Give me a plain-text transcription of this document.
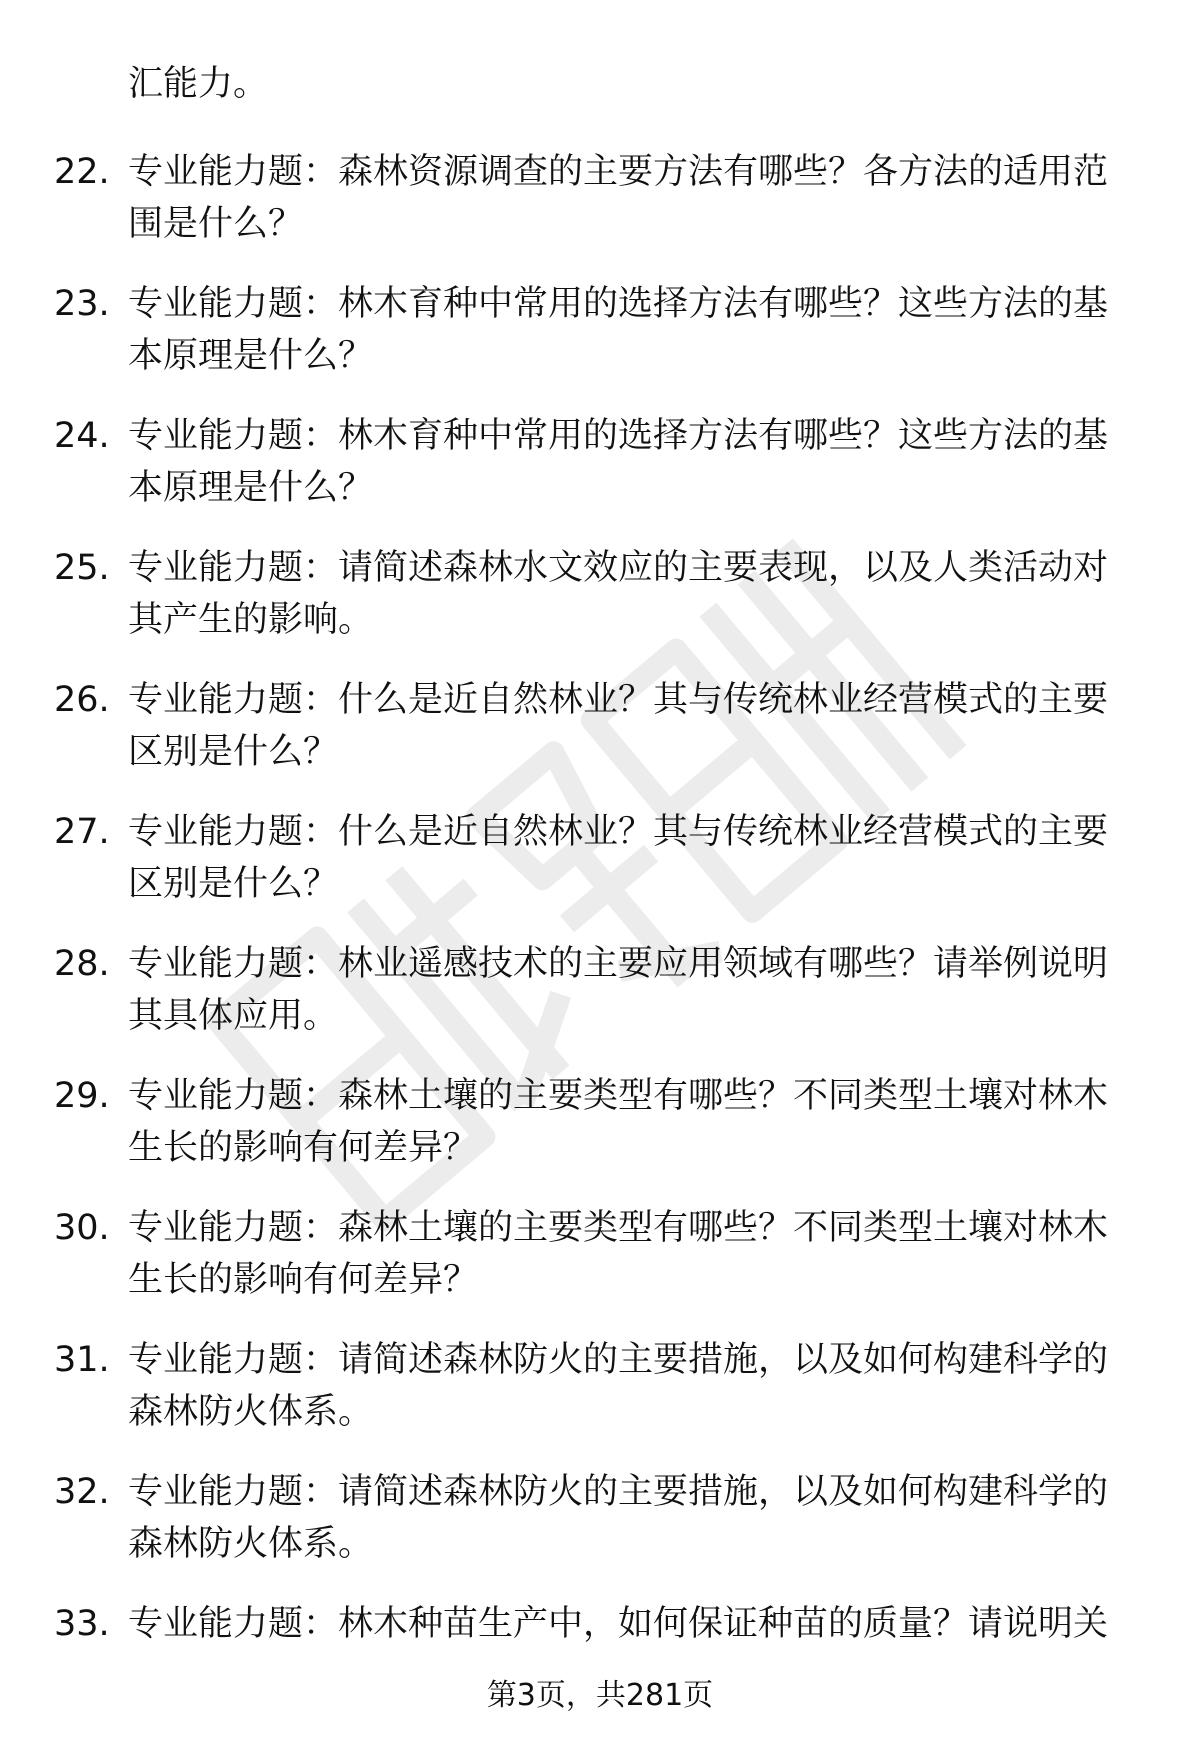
汇能力。

22. 专业能力题：森林资源调查的主要方法有哪些？各方法的适用范围是什么？

23. 专业能力题：林木育种中常用的选择方法有哪些？这些方法的基本原理是什么？

24. 专业能力题：林木育种中常用的选择方法有哪些？这些方法的基本原理是什么？

25. 专业能力题：请简述森林水文效应的主要表现，以及人类活动对其产生的影响。

26. 专业能力题：什么是近自然林业？其与传统林业经营模式的主要区别是什么？

27. 专业能力题：什么是近自然林业？其与传统林业经营模式的主要区别是什么？

28. 专业能力题：林业遥感技术的主要应用领域有哪些？请举例说明其具体应用。

29. 专业能力题：森林土壤的主要类型有哪些？不同类型土壤对林木生长的影响有何差异？

30. 专业能力题：森林土壤的主要类型有哪些？不同类型土壤对林木生长的影响有何差异？

31. 专业能力题：请简述森林防火的主要措施，以及如何构建科学的森林防火体系。

32. 专业能力题：请简述森林防火的主要措施，以及如何构建科学的森林防火体系。

33. 专业能力题：林木种苗生产中，如何保证种苗的质量？请说明关

第3页，共281页
